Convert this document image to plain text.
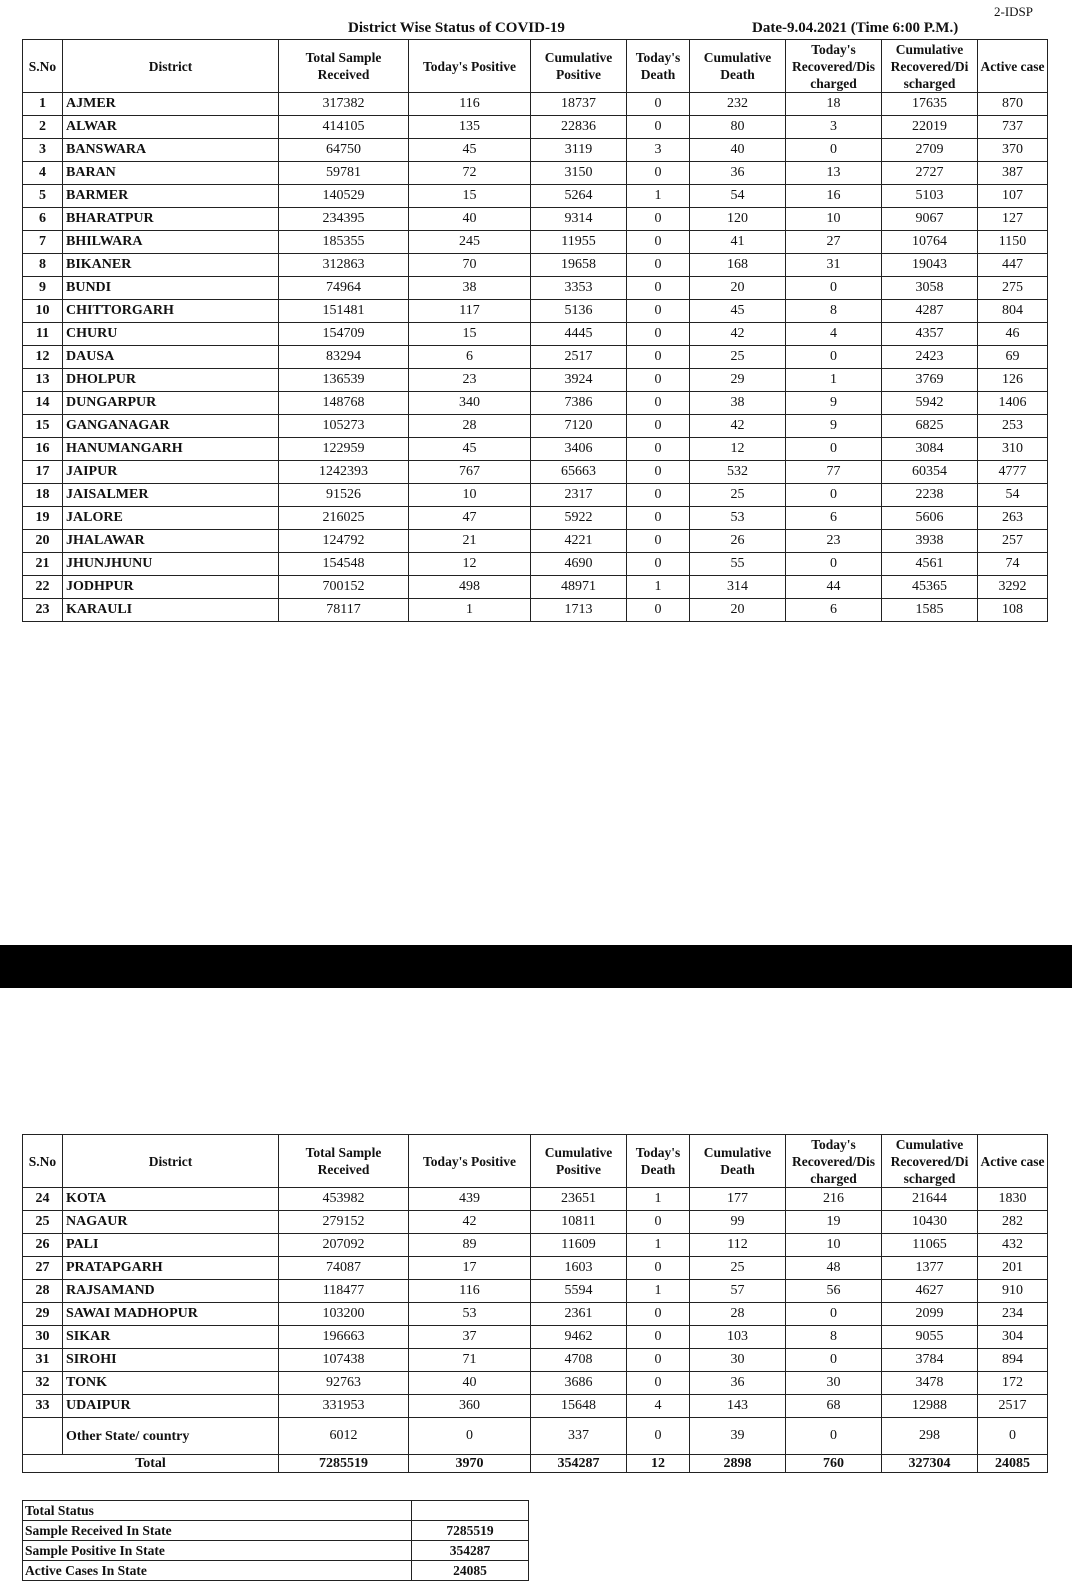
2-IDSP
District Wise Status of COVID-19	Date-9.04.2021 (Time 6:00 P.M.)
S.No	District	Total Sample Received	Today's Positive	Cumulative Positive	Today's Death	Cumulative Death	Today's Recovered/Dis charged	Cumulative Recovered/Di scharged	Active case
1	AJMER	317382	116	18737	0	232	18	17635	870
2	ALWAR	414105	135	22836	0	80	3	22019	737
3	BANSWARA	64750	45	3119	3	40	0	2709	370
4	BARAN	59781	72	3150	0	36	13	2727	387
5	BARMER	140529	15	5264	1	54	16	5103	107
6	BHARATPUR	234395	40	9314	0	120	10	9067	127
7	BHILWARA	185355	245	11955	0	41	27	10764	1150
8	BIKANER	312863	70	19658	0	168	31	19043	447
9	BUNDI	74964	38	3353	0	20	0	3058	275
10	CHITTORGARH	151481	117	5136	0	45	8	4287	804
11	CHURU	154709	15	4445	0	42	4	4357	46
12	DAUSA	83294	6	2517	0	25	0	2423	69
13	DHOLPUR	136539	23	3924	0	29	1	3769	126
14	DUNGARPUR	148768	340	7386	0	38	9	5942	1406
15	GANGANAGAR	105273	28	7120	0	42	9	6825	253
16	HANUMANGARH	122959	45	3406	0	12	0	3084	310
17	JAIPUR	1242393	767	65663	0	532	77	60354	4777
18	JAISALMER	91526	10	2317	0	25	0	2238	54
19	JALORE	216025	47	5922	0	53	6	5606	263
20	JHALAWAR	124792	21	4221	0	26	23	3938	257
21	JHUNJHUNU	154548	12	4690	0	55	0	4561	74
22	JODHPUR	700152	498	48971	1	314	44	45365	3292
23	KARAULI	78117	1	1713	0	20	6	1585	108
S.No	District	Total Sample Received	Today's Positive	Cumulative Positive	Today's Death	Cumulative Death	Today's Recovered/Dis charged	Cumulative Recovered/Di scharged	Active case
24	KOTA	453982	439	23651	1	177	216	21644	1830
25	NAGAUR	279152	42	10811	0	99	19	10430	282
26	PALI	207092	89	11609	1	112	10	11065	432
27	PRATAPGARH	74087	17	1603	0	25	48	1377	201
28	RAJSAMAND	118477	116	5594	1	57	56	4627	910
29	SAWAI MADHOPUR	103200	53	2361	0	28	0	2099	234
30	SIKAR	196663	37	9462	0	103	8	9055	304
31	SIROHI	107438	71	4708	0	30	0	3784	894
32	TONK	92763	40	3686	0	36	30	3478	172
33	UDAIPUR	331953	360	15648	4	143	68	12988	2517
	Other State/ country	6012	0	337	0	39	0	298	0
Total		7285519	3970	354287	12	2898	760	327304	24085
Total Status	
Sample Received In State	7285519
Sample Positive In State	354287
Active Cases In State	24085
